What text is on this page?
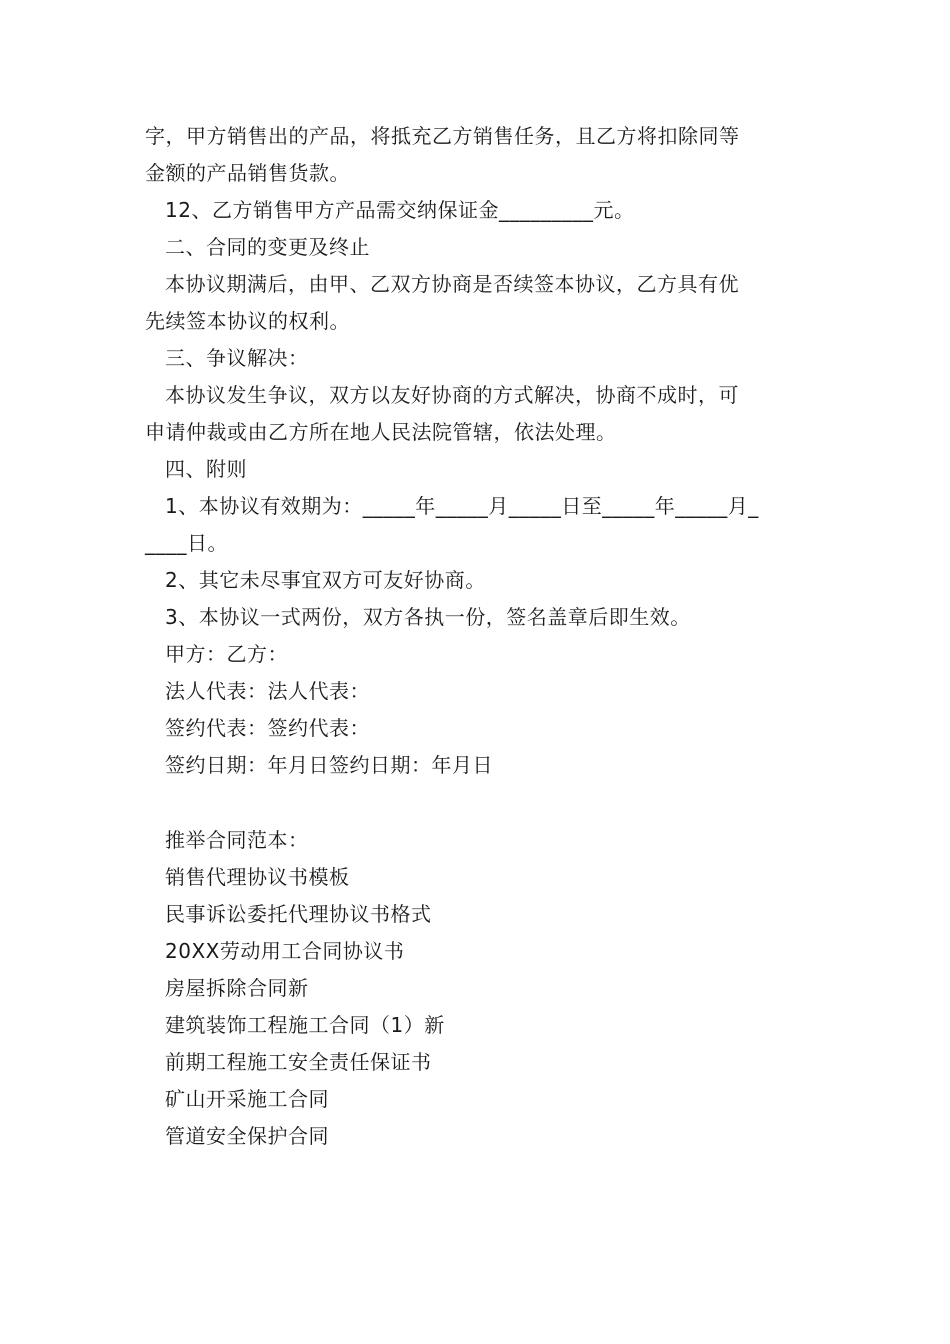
字，甲方销售出的产品，将抵充乙方销售任务，且乙方将扣除同等
金额的产品销售货款。

12、乙方销售甲方产品需交纳保证金_________元。

二、合同的变更及终止

本协议期满后，由甲、乙双方协商是否续签本协议，乙方具有优
先续签本协议的权利。

三、争议解决：

本协议发生争议，双方以友好协商的方式解决，协商不成时，可
申请仲裁或由乙方所在地人民法院管辖，依法处理。

四、附则

1、本协议有效期为：_____年_____月_____日至_____年_____月_
____日。

2、其它未尽事宜双方可友好协商。

3、本协议一式两份，双方各执一份，签名盖章后即生效。

甲方：乙方：

法人代表：法人代表：

签约代表：签约代表：

签约日期：年月日签约日期：年月日

推举合同范本：
销售代理协议书模板
民事诉讼委托代理协议书格式
20XX劳动用工合同协议书
房屋拆除合同新
建筑装饰工程施工合同（1）新
前期工程施工安全责任保证书
矿山开采施工合同
管道安全保护合同
